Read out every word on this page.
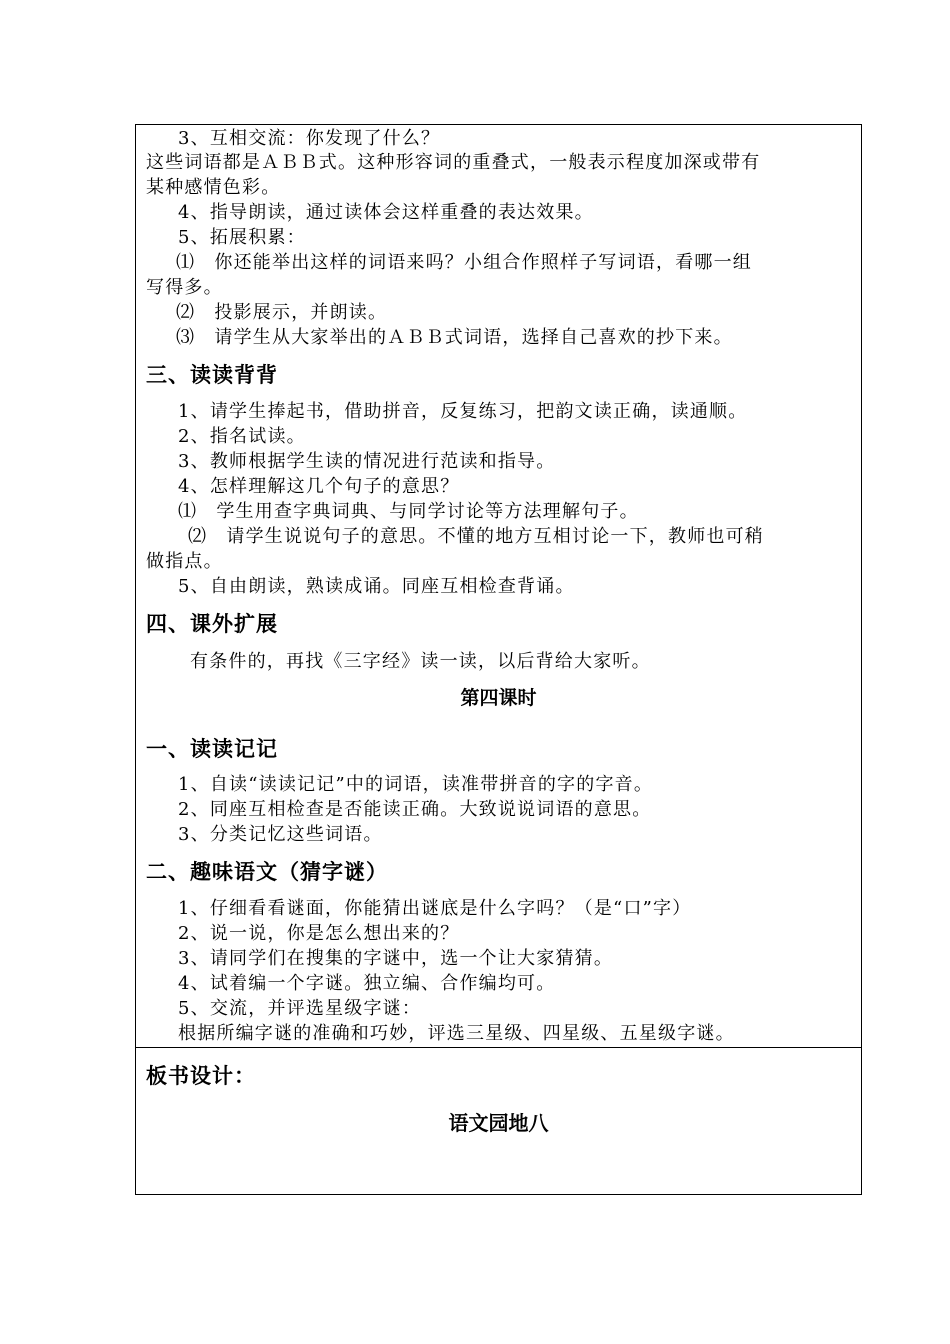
3、互相交流：你发现了什么？
这些词语都是ＡＢＢ式。这种形容词的重叠式，一般表示程度加深或带有
某种感情色彩。
4、指导朗读，通过读体会这样重叠的表达效果。
5、拓展积累：
⑴　你还能举出这样的词语来吗？小组合作照样子写词语，看哪一组
写得多。
⑵　投影展示，并朗读。
⑶　请学生从大家举出的ＡＢＢ式词语，选择自己喜欢的抄下来。
三、读读背背
1、请学生捧起书，借助拼音，反复练习，把韵文读正确，读通顺。
2、指名试读。
3、教师根据学生读的情况进行范读和指导。
4、怎样理解这几个句子的意思？
⑴　学生用查字典词典、与同学讨论等方法理解句子。
⑵　请学生说说句子的意思。不懂的地方互相讨论一下，教师也可稍
做指点。
5、自由朗读，熟读成诵。同座互相检查背诵。
四、课外扩展
有条件的，再找《三字经》读一读，以后背给大家听。
第四课时
一、读读记记
1、自读“读读记记”中的词语，读准带拼音的字的字音。
2、同座互相检查是否能读正确。大致说说词语的意思。
3、分类记忆这些词语。
二、趣味语文（猜字谜）
1、仔细看看谜面，你能猜出谜底是什么字吗？（是“口”字）
2、说一说，你是怎么想出来的？
3、请同学们在搜集的字谜中，选一个让大家猜猜。
4、试着编一个字谜。独立编、合作编均可。
5、交流，并评选星级字谜：
根据所编字谜的准确和巧妙，评选三星级、四星级、五星级字谜。
板书设计：
语文园地八
